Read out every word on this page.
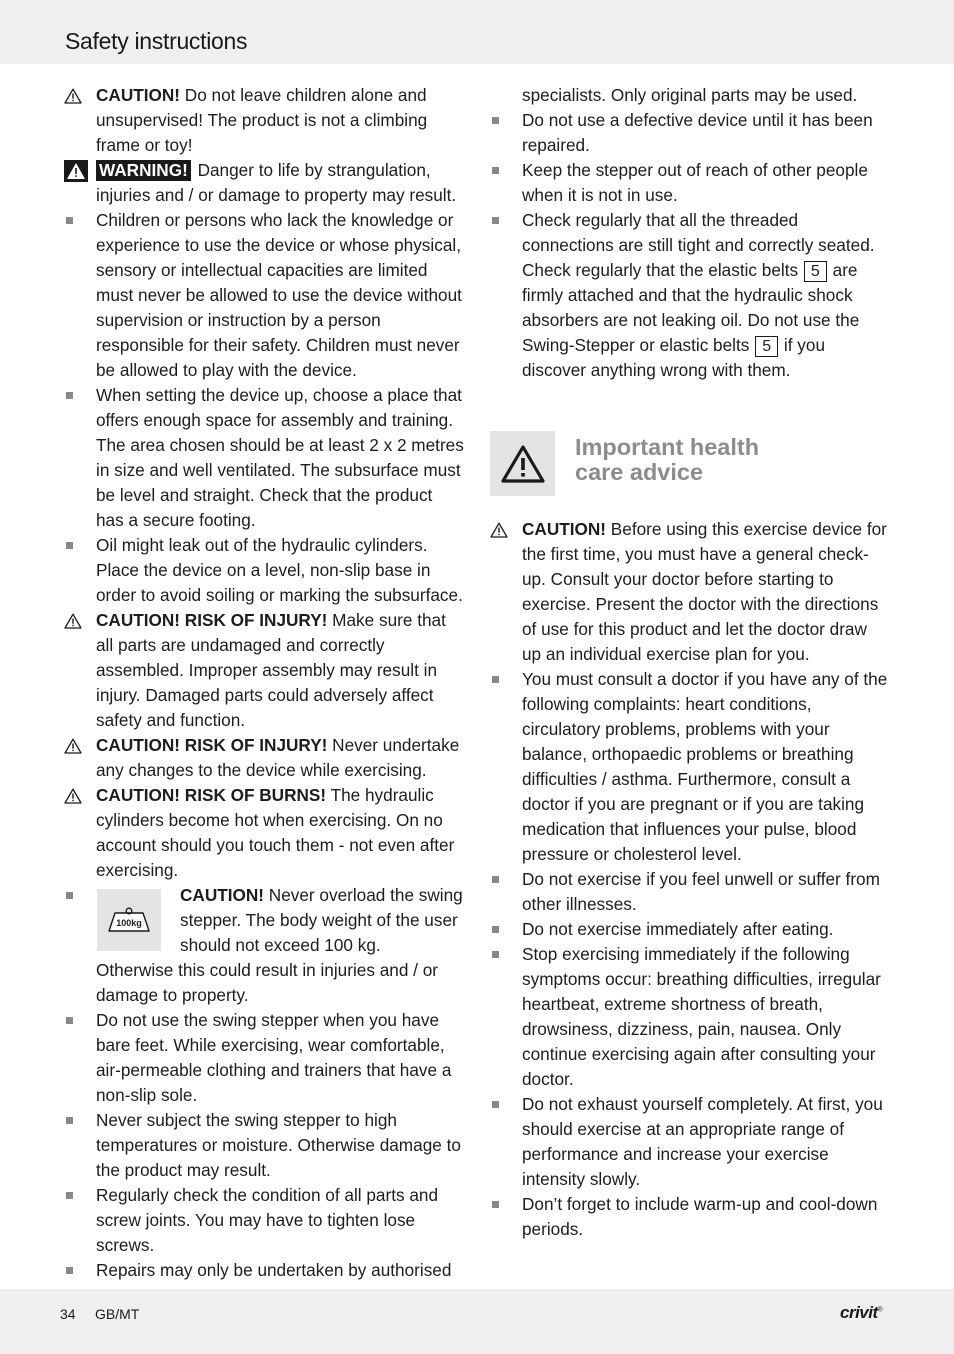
Safety instructions
CAUTION! Do not leave children alone and unsupervised! The product is not a climbing frame or toy!
WARNING! Danger to life by strangulation, injuries and / or damage to property may result.
Children or persons who lack the knowledge or experience to use the device or whose physical, sensory or intellectual capacities are limited must never be allowed to use the device without supervision or instruction by a person responsible for their safety. Children must never be allowed to play with the device.
When setting the device up, choose a place that offers enough space for assembly and training. The area chosen should be at least 2 x 2 metres in size and well ventilated. The subsurface must be level and straight. Check that the product has a secure footing.
Oil might leak out of the hydraulic cylinders. Place the device on a level, non-slip base in order to avoid soiling or marking the subsurface.
CAUTION! RISK OF INJURY! Make sure that all parts are undamaged and correctly assembled. Improper assembly may result in injury. Damaged parts could adversely affect safety and function.
CAUTION! RISK OF INJURY! Never undertake any changes to the device while exercising.
CAUTION! RISK OF BURNS! The hydraulic cylinders become hot when exercising. On no account should you touch them - not even after exercising.
100kg
CAUTION! Never overload the swing stepper. The body weight of the user should not exceed 100 kg.
Otherwise this could result in injuries and / or damage to property.
Do not use the swing stepper when you have bare feet. While exercising, wear comfortable, air-permeable clothing and trainers that have a non-slip sole.
Never subject the swing stepper to high temperatures or moisture. Otherwise damage to the product may result.
Regularly check the condition of all parts and screw joints. You may have to tighten lose screws.
Repairs may only be undertaken by authorised
specialists. Only original parts may be used.
Do not use a defective device until it has been repaired.
Keep the stepper out of reach of other people when it is not in use.
Check regularly that all the threaded connections are still tight and correctly seated. Check regularly that the elastic belts 5 are firmly attached and that the hydraulic shock absorbers are not leaking oil. Do not use the Swing-Stepper or elastic belts 5 if you discover anything wrong with them.
Important health care advice
CAUTION! Before using this exercise device for the first time, you must have a general check-up. Consult your doctor before starting to exercise. Present the doctor with the directions of use for this product and let the doctor draw up an individual exercise plan for you.
You must consult a doctor if you have any of the following complaints: heart conditions, circulatory problems, problems with your balance, orthopaedic problems or breathing difficulties / asthma. Furthermore, consult a doctor if you are pregnant or if you are taking medication that influences your pulse, blood pressure or cholesterol level.
Do not exercise if you feel unwell or suffer from other illnesses.
Do not exercise immediately after eating.
Stop exercising immediately if the following symptoms occur: breathing difficulties, irregular heartbeat, extreme shortness of breath, drowsiness, dizziness, pain, nausea. Only continue exercising again after consulting your doctor.
Do not exhaust yourself completely. At first, you should exercise at an appropriate range of performance and increase your exercise intensity slowly.
Don’t forget to include warm-up and cool-down periods.
34 GB/MT	crivit®
